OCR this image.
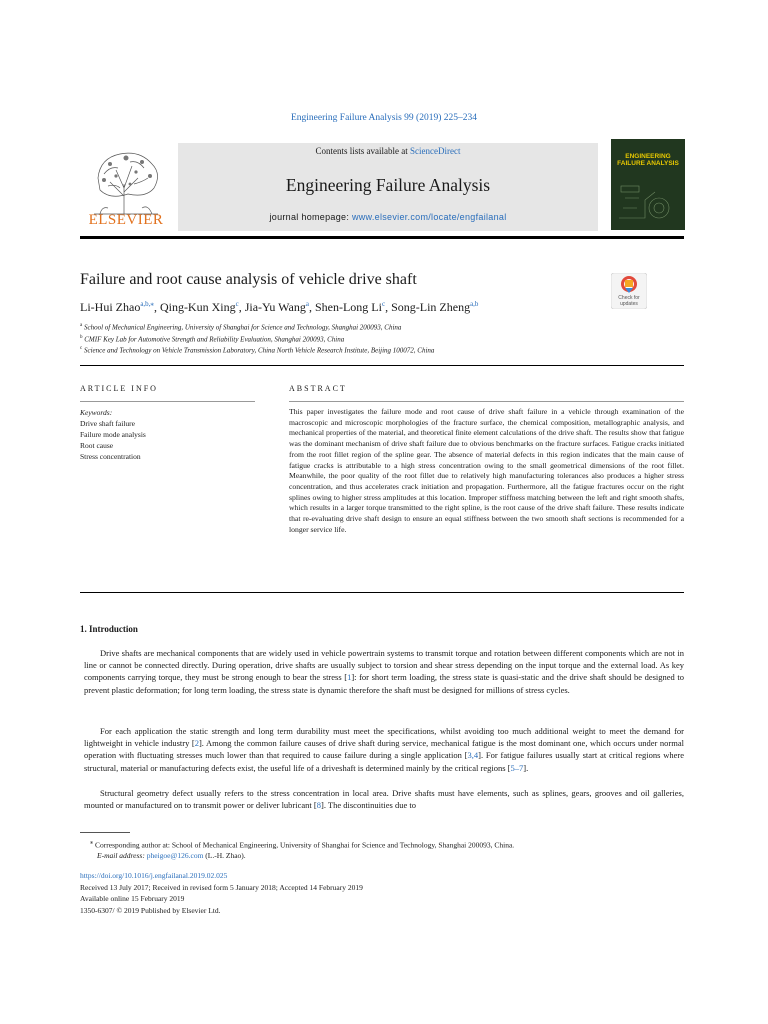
Engineering Failure Analysis 99 (2019) 225–234
ELSEVIER
Contents lists available at ScienceDirect
Engineering Failure Analysis
journal homepage: www.elsevier.com/locate/engfailanal
ENGINEERING FAILURE ANALYSIS
Failure and root cause analysis of vehicle drive shaft
Check for updates
Li-Hui Zhao$^{a,b,⁎}$, Qing-Kun Xing$^c$, Jia-Yu Wang$^a$, Shen-Long Li$^c$, Song-Lin Zheng$^{a,b}$
$^a$ School of Mechanical Engineering, University of Shanghai for Science and Technology, Shanghai 200093, China
$^b$ CMIF Key Lab for Automotive Strength and Reliability Evaluation, Shanghai 200093, China
$^c$ Science and Technology on Vehicle Transmission Laboratory, China North Vehicle Research Institute, Beijing 100072, China
ARTICLE INFO	ABSTRACT
Keywords:
Drive shaft failure
Failure mode analysis
Root cause
Stress concentration
This paper investigates the failure mode and root cause of drive shaft failure in a vehicle through examination of the macroscopic and microscopic morphologies of the fracture surface, the chemical composition, metallographic analysis, and mechanical properties of the material, and theoretical finite element calculations of the drive shaft. The results show that fatigue was the dominant mechanism of drive shaft failure due to obvious benchmarks on the fracture surfaces. Fatigue cracks initiated from the root fillet region of the spline gear. The absence of material defects in this region indicates that the main cause of fatigue cracks is attributable to a high stress concentration owing to the small geometrical dimensions of the root fillet. Meanwhile, the poor quality of the root fillet due to relatively high manufacturing tolerances also produces a higher stress concentration, and thus accelerates crack initiation and propagation. Furthermore, all the fatigue fractures occur on the right splines owing to higher stress amplitudes at this location. Improper stiffness matching between the left and right smooth shafts, which results in a larger torque transmitted to the right spline, is the root cause of the drive shaft failure. These results indicate that re-evaluating drive shaft design to ensure an equal stiffness between the two smooth shaft sections is recommended for a longer service life.
1. Introduction
Drive shafts are mechanical components that are widely used in vehicle powertrain systems to transmit torque and rotation between different components which are not in line or cannot be connected directly. During operation, drive shafts are usually subject to torsion and shear stress depending on the input torque and the external load. As key components carrying torque, they must be strong enough to bear the stress [1]: for short term loading, the stress state is quasi-static and the drive shaft should be designed to prevent plastic deformation; for long term loading, the stress state is dynamic therefore the shaft must be designed for millions of stress cycles.
For each application the static strength and long term durability must meet the specifications, whilst avoiding too much additional weight to meet the demand for lightweight in vehicle industry [2]. Among the common failure causes of drive shaft during service, mechanical fatigue is the most dominant one, which occurs under normal operation with fluctuating stresses much lower than that required to cause failure during a single application [3,4]. For fatigue failures usually start at critical regions where structural, material or manufacturing defects exist, the useful life of a driveshaft is determined mainly by the critical regions [5–7].
Structural geometry defect usually refers to the stress concentration in local area. Drive shafts must have elements, such as splines, gears, grooves and oil galleries, mounted or manufactured on to transmit power or deliver lubricant [8]. The discontinuities due to
⁎ Corresponding author at: School of Mechanical Engineering, University of Shanghai for Science and Technology, Shanghai 200093, China.
E-mail address: pheigoe@126.com (L.-H. Zhao).
https://doi.org/10.1016/j.engfailanal.2019.02.025
Received 13 July 2017; Received in revised form 5 January 2018; Accepted 14 February 2019
Available online 15 February 2019
1350-6307/ © 2019 Published by Elsevier Ltd.
